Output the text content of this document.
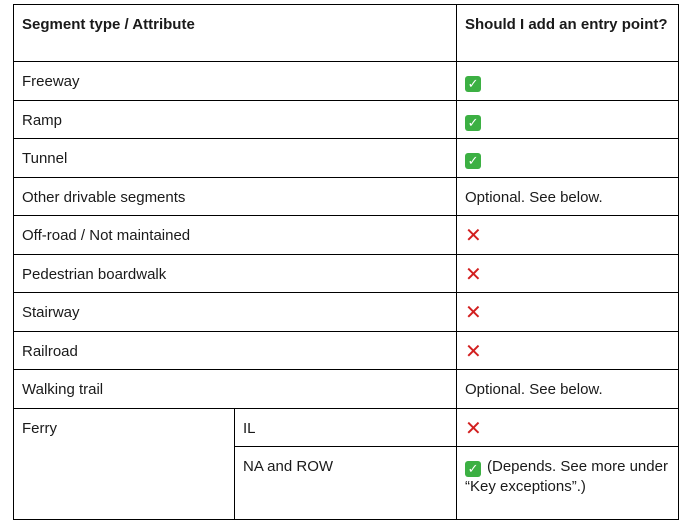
Segment type / Attribute		Should I add an entry point?
Freeway		✓
Ramp		✓
Tunnel		✓
Other drivable segments		Optional. See below.
Off-road / Not maintained		✕
Pedestrian boardwalk		✕
Stairway		✕
Railroad		✕
Walking trail		Optional. See below.
Ferry	IL	✕
	NA and ROW	✓ (Depends. See more under “Key exceptions”.)
